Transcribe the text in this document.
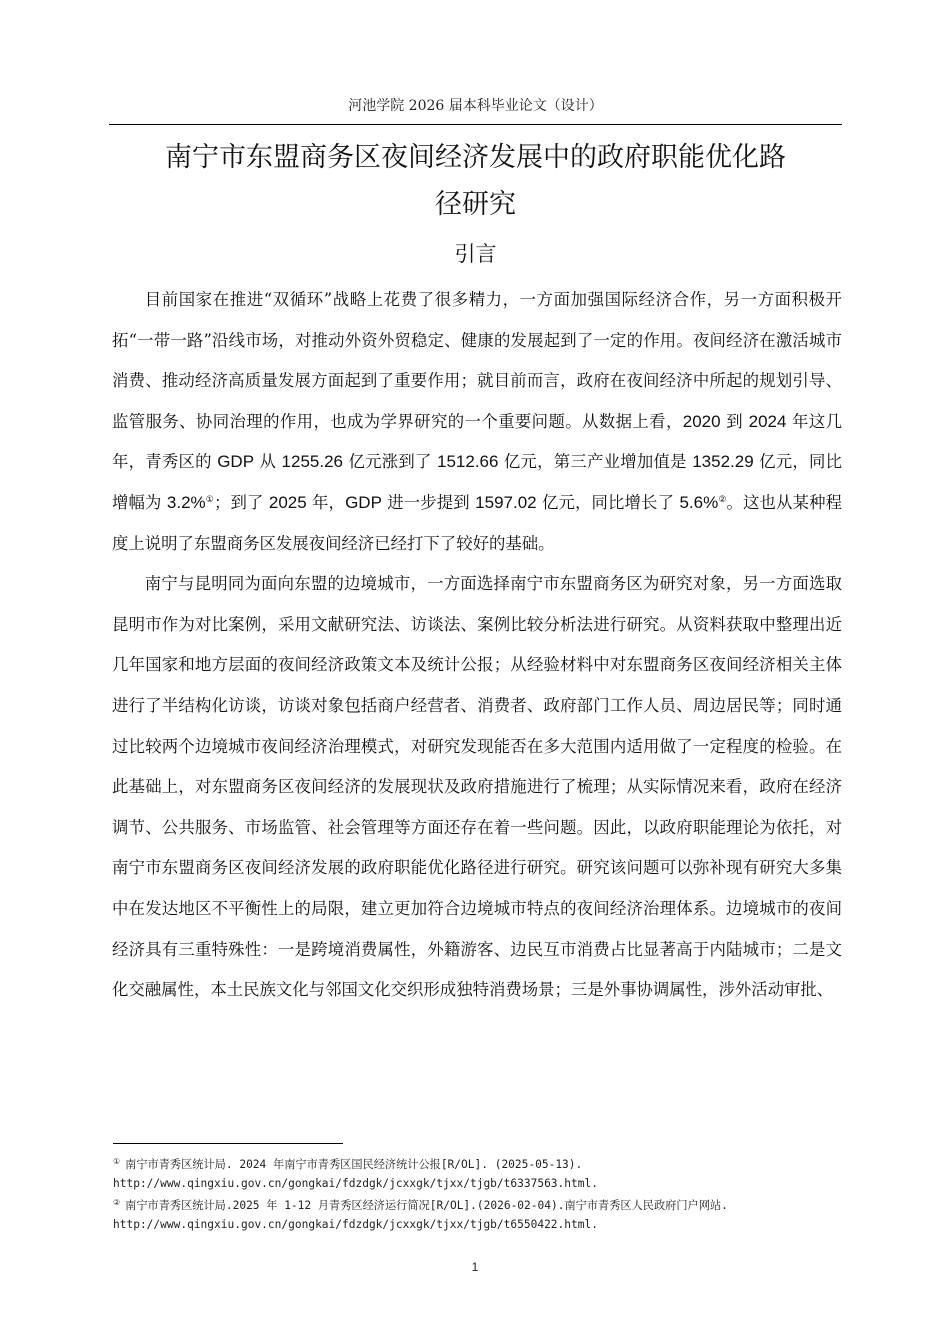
河池学院 2026 届本科毕业论文（设计）
南宁市东盟商务区夜间经济发展中的政府职能优化路
径研究
引言

目前国家在推进“双循环”战略上花费了很多精力，一方面加强国际经济合作，另一方面积极开拓“一带一路”沿线市场，对推动外资外贸稳定、健康的发展起到了一定的作用。夜间经济在激活城市消费、推动经济高质量发展方面起到了重要作用；就目前而言，政府在夜间经济中所起的规划引导、监管服务、协同治理的作用，也成为学界研究的一个重要问题。从数据上看，2020 到 2024 年这几年，青秀区的 GDP 从 1255.26 亿元涨到了 1512.66 亿元，第三产业增加值是 1352.29 亿元，同比增幅为 3.2%①；到了 2025 年，GDP 进一步提到 1597.02 亿元，同比增长了 5.6%②。这也从某种程度上说明了东盟商务区发展夜间经济已经打下了较好的基础。

南宁与昆明同为面向东盟的边境城市，一方面选择南宁市东盟商务区为研究对象，另一方面选取昆明市作为对比案例，采用文献研究法、访谈法、案例比较分析法进行研究。从资料获取中整理出近几年国家和地方层面的夜间经济政策文本及统计公报；从经验材料中对东盟商务区夜间经济相关主体进行了半结构化访谈，访谈对象包括商户经营者、消费者、政府部门工作人员、周边居民等；同时通过比较两个边境城市夜间经济治理模式，对研究发现能否在多大范围内适用做了一定程度的检验。在此基础上，对东盟商务区夜间经济的发展现状及政府措施进行了梳理；从实际情况来看，政府在经济调节、公共服务、市场监管、社会管理等方面还存在着一些问题。因此，以政府职能理论为依托，对南宁市东盟商务区夜间经济发展的政府职能优化路径进行研究。研究该问题可以弥补现有研究大多集中在发达地区不平衡性上的局限，建立更加符合边境城市特点的夜间经济治理体系。边境城市的夜间经济具有三重特殊性：一是跨境消费属性，外籍游客、边民互市消费占比显著高于内陆城市；二是文化交融属性，本土民族文化与邻国文化交织形成独特消费场景；三是外事协调属性，涉外活动审批、

① 南宁市青秀区统计局. 2024 年南宁市青秀区国民经济统计公报[R/OL]. (2025-05-13).
http://www.qingxiu.gov.cn/gongkai/fdzdgk/jcxxgk/tjxx/tjgb/t6337563.html.
② 南宁市青秀区统计局.2025 年 1-12 月青秀区经济运行简况[R/OL].(2026-02-04).南宁市青秀区人民政府门户网站.
http://www.qingxiu.gov.cn/gongkai/fdzdgk/jcxxgk/tjxx/tjgb/t6550422.html.
1
